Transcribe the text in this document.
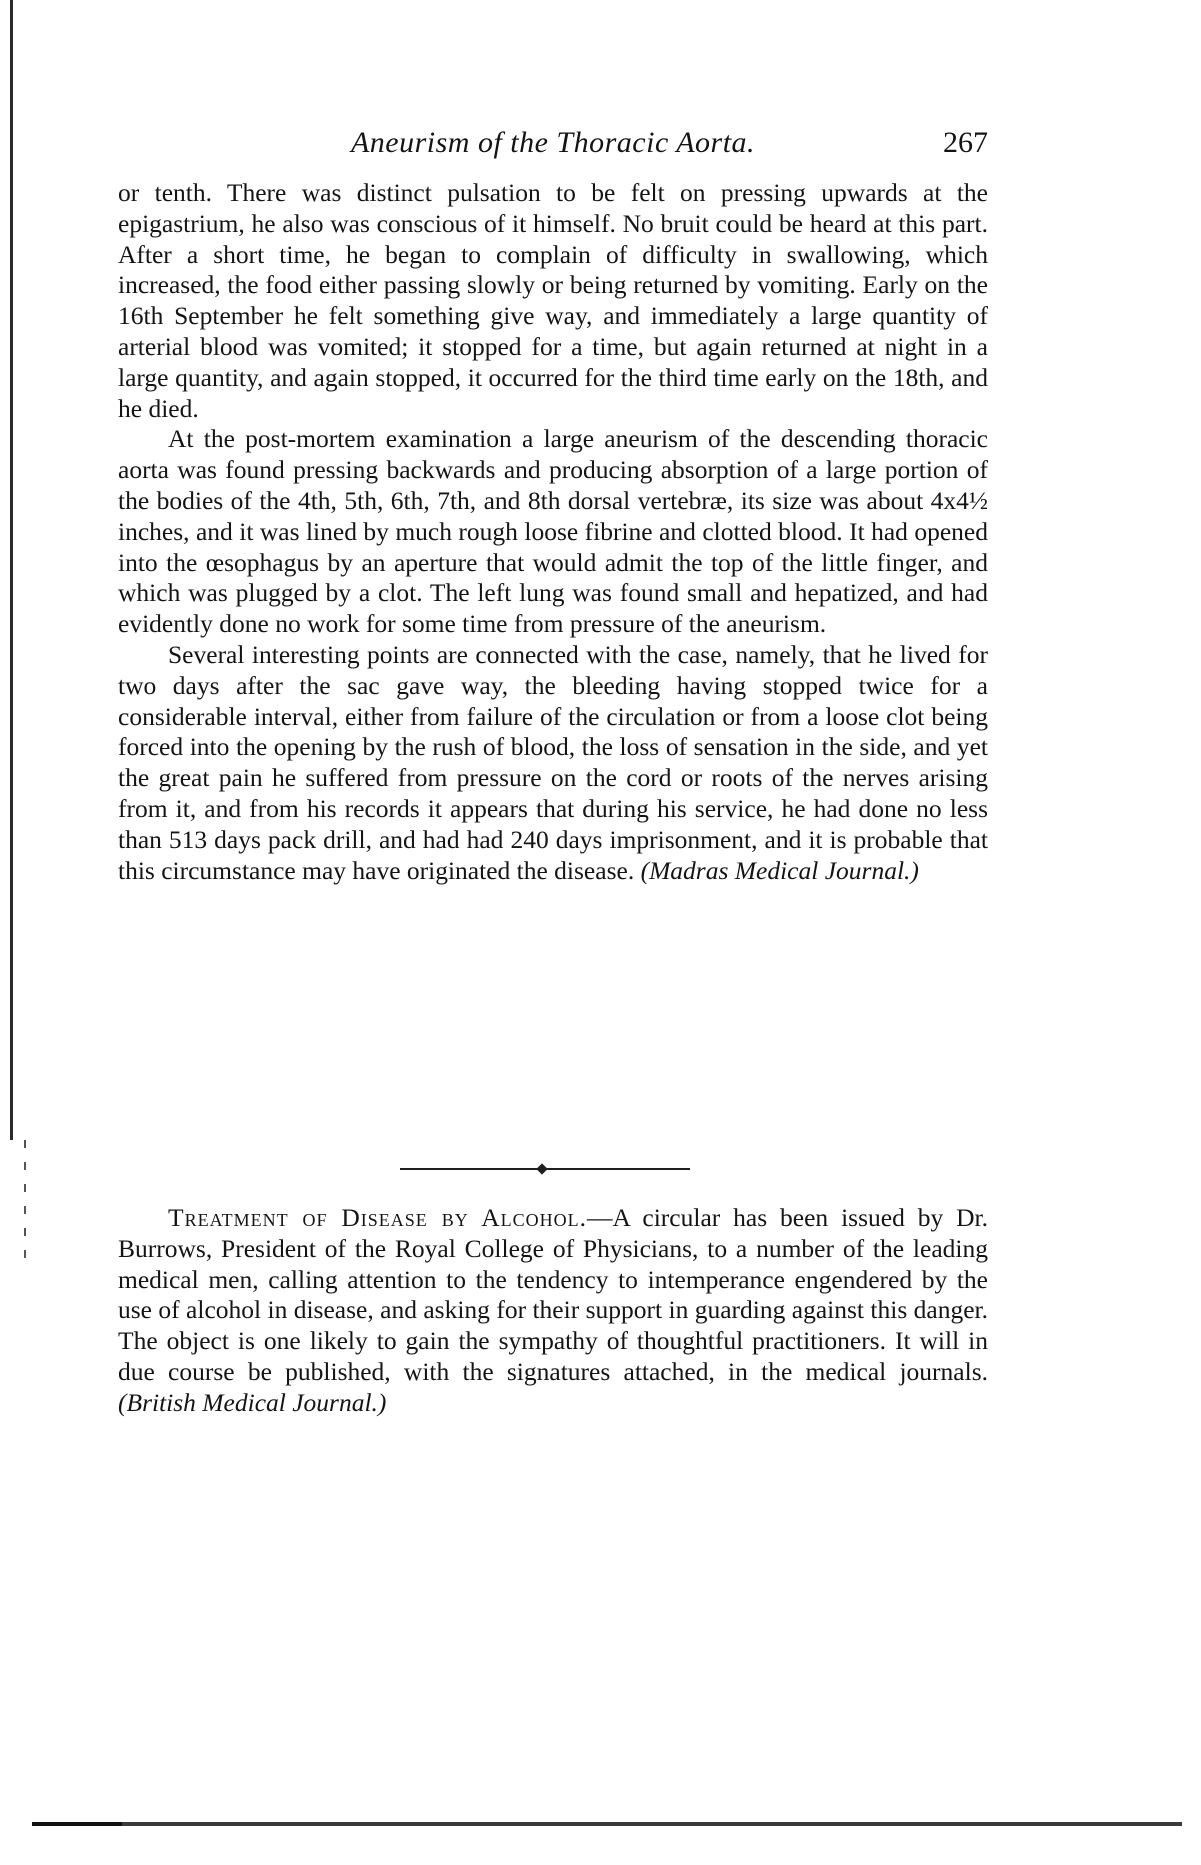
Aneurism of the Thoracic Aorta.	267

or tenth. There was distinct pulsation to be felt on pressing upwards at the epigastrium, he also was conscious of it himself. No bruit could be heard at this part. After a short time, he began to complain of difficulty in swallowing, which increased, the food either passing slowly or being returned by vomiting. Early on the 16th September he felt something give way, and immediately a large quantity of arterial blood was vomited; it stopped for a time, but again returned at night in a large quantity, and again stopped, it occurred for the third time early on the 18th, and he died.

At the post-mortem examination a large aneurism of the descending thoracic aorta was found pressing backwards and producing absorption of a large portion of the bodies of the 4th, 5th, 6th, 7th, and 8th dorsal vertebræ, its size was about 4x4½ inches, and it was lined by much rough loose fibrine and clotted blood. It had opened into the œsophagus by an aperture that would admit the top of the little finger, and which was plugged by a clot. The left lung was found small and hepatized, and had evidently done no work for some time from pressure of the aneurism.

Several interesting points are connected with the case, namely, that he lived for two days after the sac gave way, the bleeding having stopped twice for a considerable interval, either from failure of the circulation or from a loose clot being forced into the opening by the rush of blood, the loss of sensation in the side, and yet the great pain he suffered from pressure on the cord or roots of the nerves arising from it, and from his records it appears that during his service, he had done no less than 513 days pack drill, and had had 240 days imprisonment, and it is probable that this circumstance may have originated the disease. (Madras Medical Journal.)

Treatment of Disease by Alcohol.—A circular has been issued by Dr. Burrows, President of the Royal College of Physicians, to a number of the leading medical men, calling attention to the tendency to intemperance engendered by the use of alcohol in disease, and asking for their support in guarding against this danger. The object is one likely to gain the sympathy of thoughtful practitioners. It will in due course be published, with the signatures attached, in the medical journals. (British Medical Journal.)
